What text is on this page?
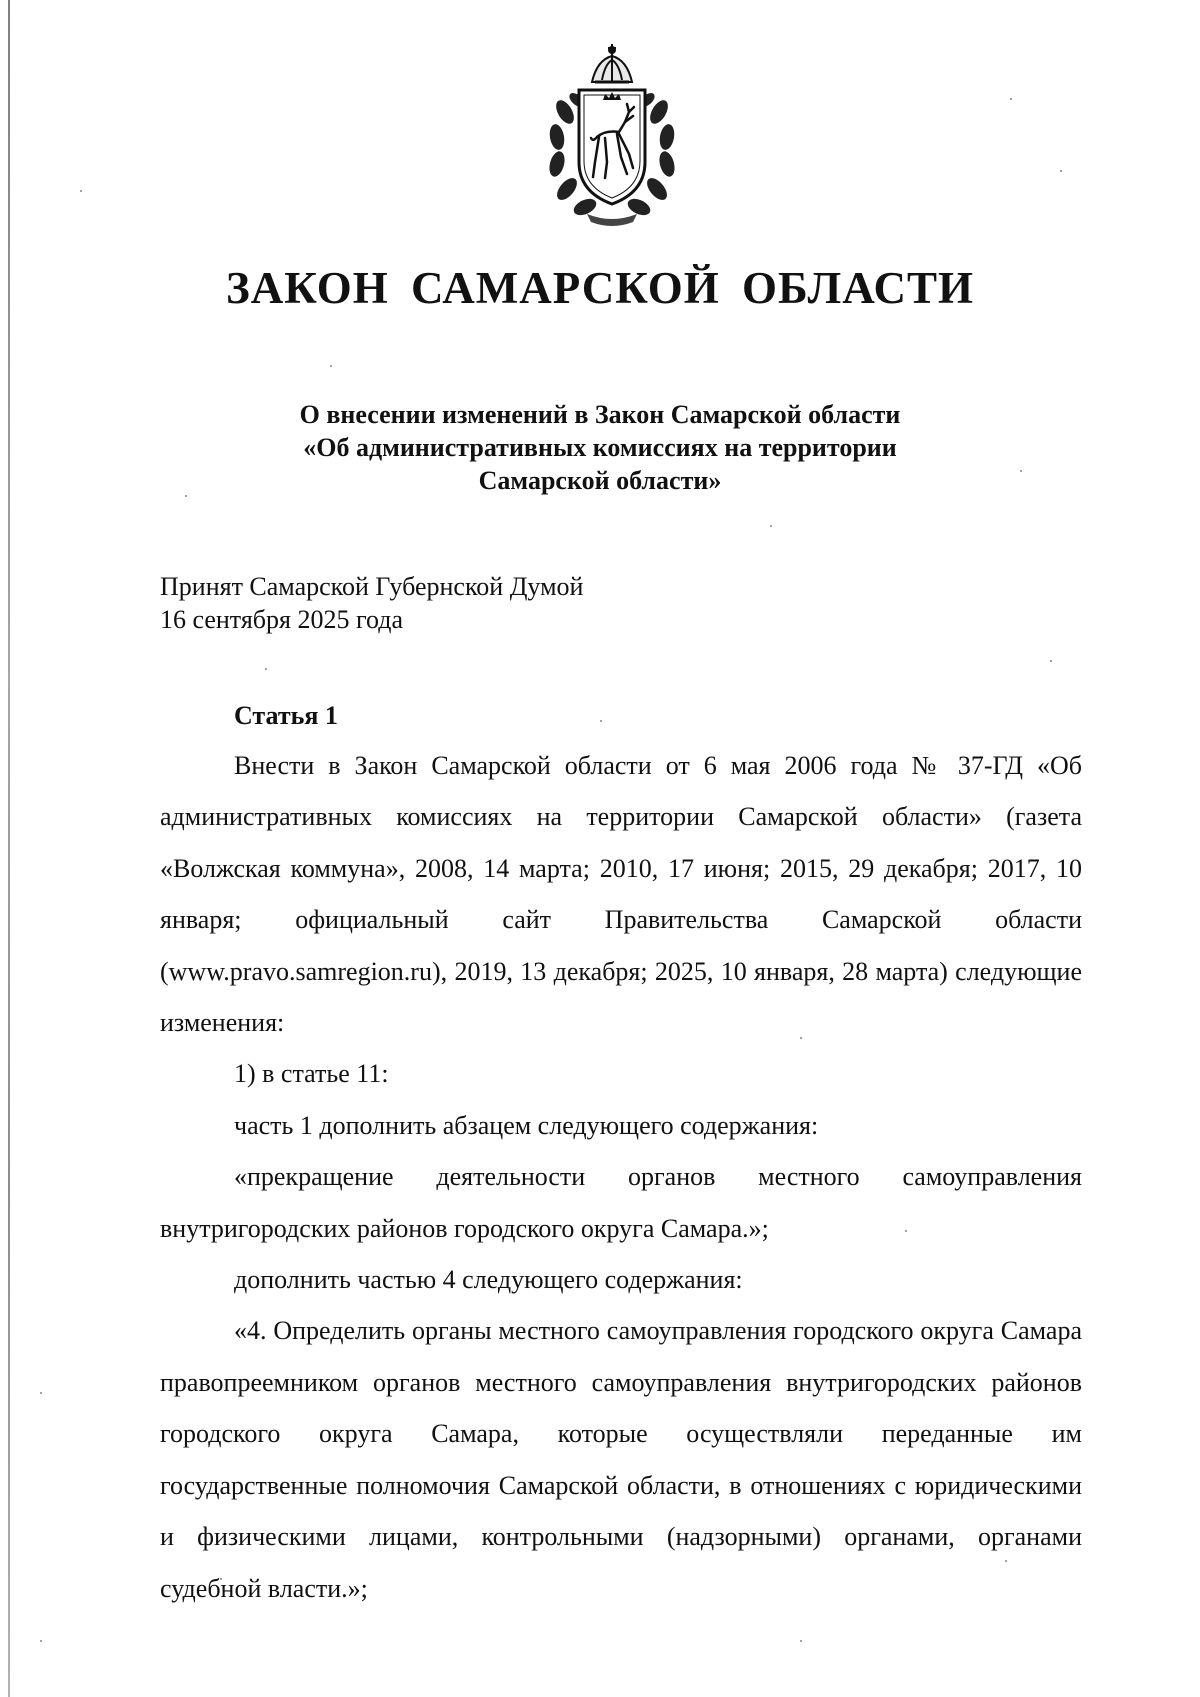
ЗАКОН САМАРСКОЙ ОБЛАСТИ
О внесении изменений в Закон Самарской области
«Об административных комиссиях на территории
Самарской области»
Принят Самарской Губернской Думой
16 сентября 2025 года
Статья 1

Внести в Закон Самарской области от 6 мая 2006 года № 37-ГД «Об административных комиссиях на территории Самарской области» (газета «Волжская коммуна», 2008, 14 марта; 2010, 17 июня; 2015, 29 декабря; 2017, 10 января; официальный сайт Правительства Самарской области (www.pravo.samregion.ru), 2019, 13 декабря; 2025, 10 января, 28 марта) следующие изменения:

1) в статье 11:

часть 1 дополнить абзацем следующего содержания:

«прекращение деятельности органов местного самоуправления внутригородских районов городского округа Самара.»;

дополнить частью 4 следующего содержания:

«4. Определить органы местного самоуправления городского округа Самара правопреемником органов местного самоуправления внутригородских районов городского округа Самара, которые осуществляли переданные им государственные полномочия Самарской области, в отношениях с юридическими и физическими лицами, контрольными (надзорными) органами, органами судебной власти.»;
